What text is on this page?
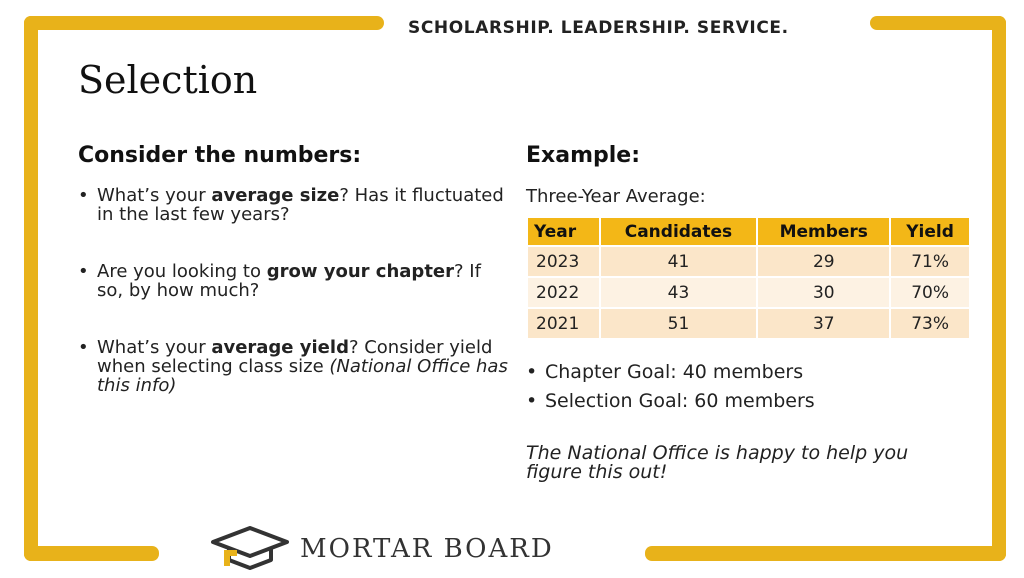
SCHOLARSHIP. LEADERSHIP. SERVICE.
Selection
Consider the numbers:	Example:
• What’s your average size? Has it fluctuated in the last few years?
• Are you looking to grow your chapter? If so, by how much?
• What’s your average yield? Consider yield when selecting class size (National Office has this info)
Three-Year Average:
Year	Candidates	Members	Yield
2023	41	29	71%
2022	43	30	70%
2021	51	37	73%
• Chapter Goal: 40 members
• Selection Goal: 60 members
The National Office is happy to help you figure this out!
MORTAR BOARD
